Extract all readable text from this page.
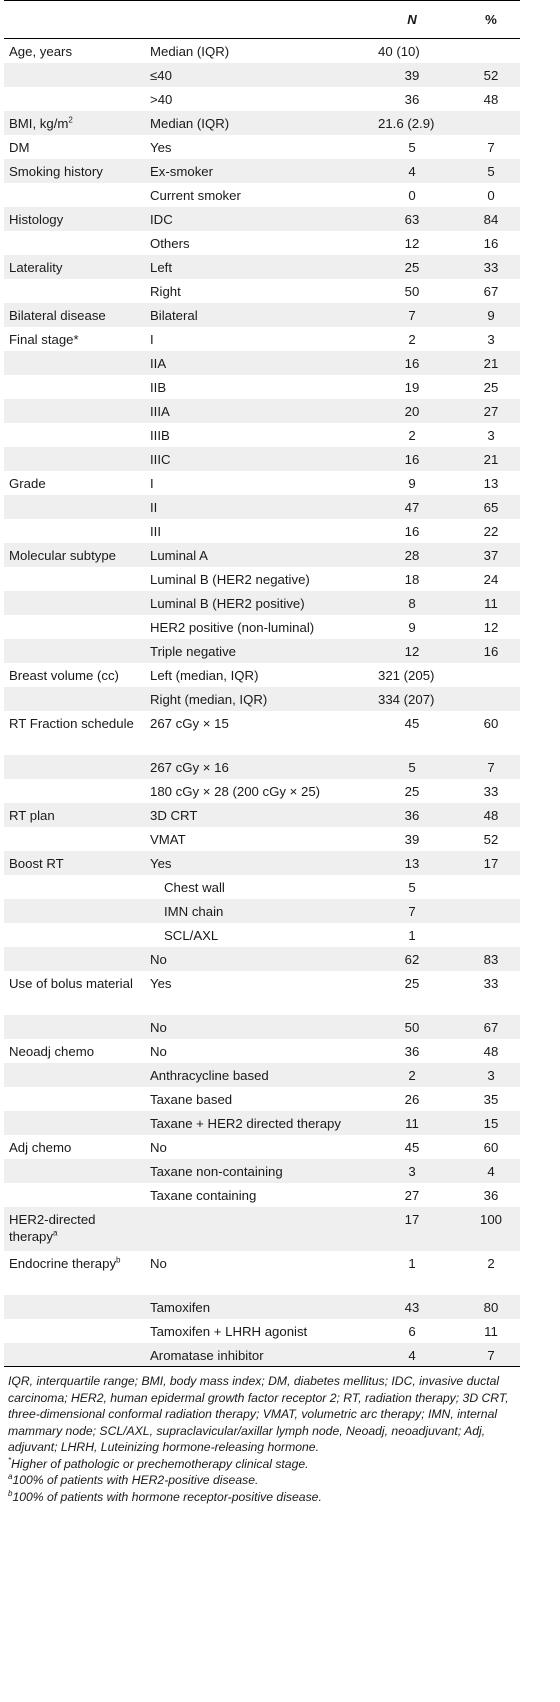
		N	%
Age, years	Median (IQR)	40 (10)	
	≤40	39	52
	>40	36	48
BMI, $kg/m^2$	Median (IQR)	21.6 (2.9)	
DM	Yes	5	7
Smoking history	Ex-smoker	4	5
	Current smoker	0	0
Histology	IDC	63	84
	Others	12	16
Laterality	Left	25	33
	Right	50	67
Bilateral disease	Bilateral	7	9
Final stage*	I	2	3
	IIA	16	21
	IIB	19	25
	IIIA	20	27
	IIIB	2	3
	IIIC	16	21
Grade	I	9	13
	II	47	65
	III	16	22
Molecular subtype	Luminal A	28	37
	Luminal B (HER2 negative)	18	24
	Luminal B (HER2 positive)	8	11
	HER2 positive (non-luminal)	9	12
	Triple negative	12	16
Breast volume (cc)	Left (median, IQR)	321 (205)	
	Right (median, IQR)	334 (207)	
RT Fraction schedule	267 cGy × 15	45	60
	267 cGy × 16	5	7
	180 cGy × 28 (200 cGy × 25)	25	33
RT plan	3D CRT	36	48
	VMAT	39	52
Boost RT	Yes	13	17
	Chest wall	5	
	IMN chain	7	
	SCL/AXL	1	
	No	62	83
Use of bolus material	Yes	25	33
	No	50	67
Neoadj chemo	No	36	48
	Anthracycline based	2	3
	Taxane based	26	35
	Taxane + HER2 directed therapy	11	15
Adj chemo	No	45	60
	Taxane non-containing	3	4
	Taxane containing	27	36
HER2-directed therapy$^a$		17	100
Endocrine therapy$^b$	No	1	2
	Tamoxifen	43	80
	Tamoxifen + LHRH agonist	6	11
	Aromatase inhibitor	4	7

IQR, interquartile range; BMI, body mass index; DM, diabetes mellitus; IDC, invasive ductal carcinoma; HER2, human epidermal growth factor receptor 2; RT, radiation therapy; 3D CRT, three-dimensional conformal radiation therapy; VMAT, volumetric arc therapy; IMN, internal mammary node; SCL/AXL, supraclavicular/axillar lymph node, Neoadj, neoadjuvant; Adj, adjuvant; LHRH, Luteinizing hormone-releasing hormone.

*Higher of pathologic or prechemotherapy clinical stage.

$^a$100% of patients with HER2-positive disease.

$^b$100% of patients with hormone receptor-positive disease.
